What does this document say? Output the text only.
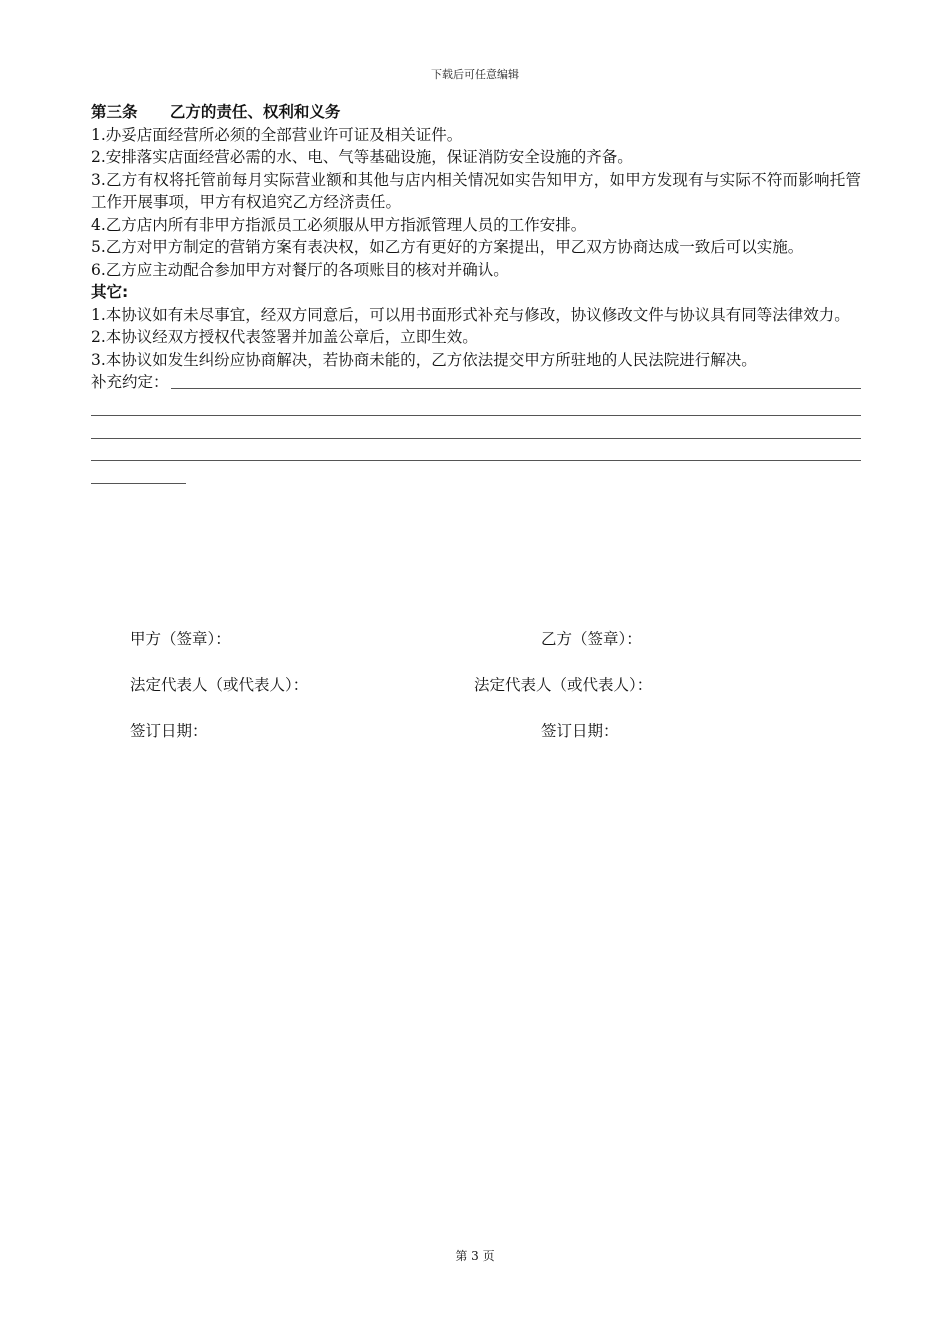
下载后可任意编辑
第三条      乙方的责任、权利和义务

1.办妥店面经营所必须的全部营业许可证及相关证件。

2.安排落实店面经营必需的水、电、气等基础设施，保证消防安全设施的齐备。

3.乙方有权将托管前每月实际营业额和其他与店内相关情况如实告知甲方，如甲方发现有与实际不符而影响托管工作开展事项，甲方有权追究乙方经济责任。

4.乙方店内所有非甲方指派员工必须服从甲方指派管理人员的工作安排。

5.乙方对甲方制定的营销方案有表决权，如乙方有更好的方案提出，甲乙双方协商达成一致后可以实施。

6.乙方应主动配合参加甲方对餐厅的各项账目的核对并确认。

其它:

1.本协议如有未尽事宜，经双方同意后，可以用书面形式补充与修改，协议修改文件与协议具有同等法律效力。

2.本协议经双方授权代表签署并加盖公章后，立即生效。

3.本协议如发生纠纷应协商解决，若协商未能的，乙方依法提交甲方所驻地的人民法院进行解决。

补充约定：
甲方（签章）：	乙方（签章）：
法定代表人（或代表人）：	法定代表人（或代表人）：
签订日期：	签订日期：
第 3 页
